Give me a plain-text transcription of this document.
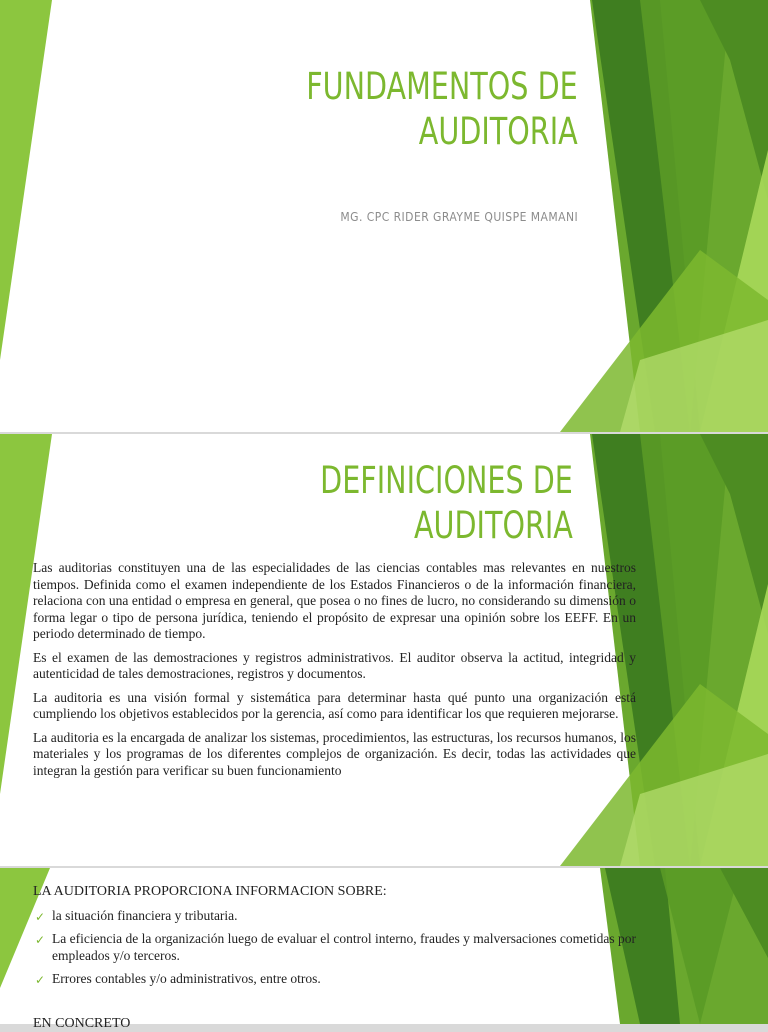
FUNDAMENTOS DE
AUDITORIA
MG. CPC RIDER GRAYME QUISPE MAMANI
DEFINICIONES DE
AUDITORIA

Las auditorias constituyen una de las especialidades de las ciencias contables mas relevantes en nuestros tiempos. Definida como el examen independiente de los Estados Financieros o de la información financiera, relaciona con una entidad o empresa en general, que posea o no fines de lucro, no considerando su dimensión o forma legar o tipo de persona jurídica, teniendo el propósito de expresar una opinión sobre los EEFF. En un periodo determinado de tiempo.

Es el examen de las demostraciones y registros administrativos. El auditor observa la actitud, integridad y autenticidad de tales demostraciones, registros y documentos.

La auditoria es una visión formal y sistemática para determinar hasta qué punto una organización está cumpliendo los objetivos establecidos por la gerencia, así como para identificar los que requieren mejorarse.

La auditoria es la encargada de analizar los sistemas, procedimientos, las estructuras, los recursos humanos, los materiales y los programas de los diferentes complejos de organización. Es decir, todas las actividades que integran la gestión para verificar su buen funcionamiento

LA AUDITORIA PROPORCIONA INFORMACION SOBRE:

✓ la situación financiera y tributaria.

✓ La eficiencia de la organización luego de evaluar el control interno, fraudes y malversaciones cometidas por empleados y/o terceros.

✓ Errores contables y/o administrativos, entre otros.

EN CONCRETO
